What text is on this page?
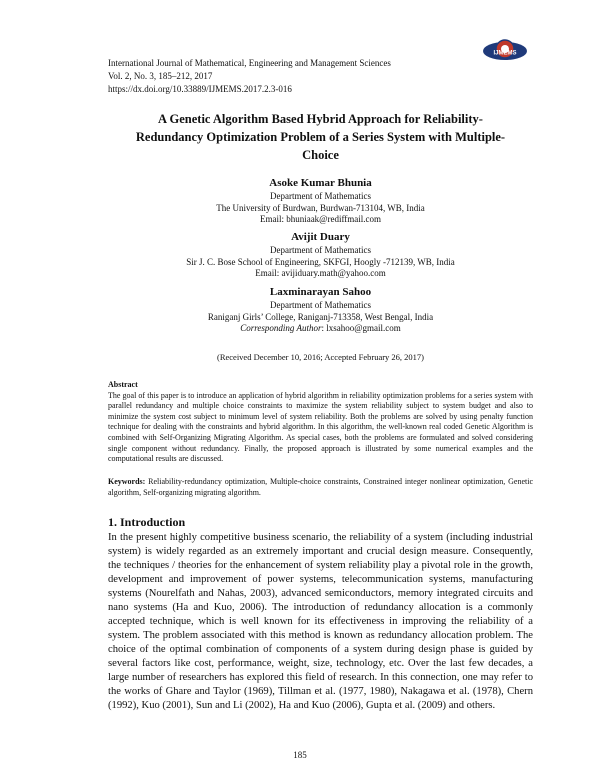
International Journal of Mathematical, Engineering and Management Sciences
Vol. 2, No. 3, 185–212, 2017
https://dx.doi.org/10.33889/IJMEMS.2017.2.3-016
IJMEMS
A Genetic Algorithm Based Hybrid Approach for Reliability-
Redundancy Optimization Problem of a Series System with Multiple-
Choice
Asoke Kumar Bhunia
Department of Mathematics
The University of Burdwan, Burdwan-713104, WB, India
Email: bhuniaak@rediffmail.com
Avijit Duary
Department of Mathematics
Sir J. C. Bose School of Engineering, SKFGI, Hoogly -712139, WB, India
Email: avijiduary.math@yahoo.com
Laxminarayan Sahoo
Department of Mathematics
Raniganj Girls’ College, Raniganj-713358, West Bengal, India
Corresponding Author: lxsahoo@gmail.com
(Received December 10, 2016; Accepted February 26, 2017)
Abstract
The goal of this paper is to introduce an application of hybrid algorithm in reliability optimization problems for a series system with parallel redundancy and multiple choice constraints to maximize the system reliability subject to system budget and also to minimize the system cost subject to minimum level of system reliability. Both the problems are solved by using penalty function technique for dealing with the constraints and hybrid algorithm. In this algorithm, the well-known real coded Genetic Algorithm is combined with Self-Organizing Migrating Algorithm. As special cases, both the problems are formulated and solved considering single component without redundancy. Finally, the proposed approach is illustrated by some numerical examples and the computational results are discussed.
Keywords: Reliability-redundancy optimization, Multiple-choice constraints, Constrained integer nonlinear optimization, Genetic algorithm, Self-organizing migrating algorithm.
1. Introduction
In the present highly competitive business scenario, the reliability of a system (including industrial system) is widely regarded as an extremely important and crucial design measure. Consequently, the techniques / theories for the enhancement of system reliability play a pivotal role in the growth, development and improvement of power systems, telecommunication systems, manufacturing systems (Nourelfath and Nahas, 2003), advanced semiconductors, memory integrated circuits and nano systems (Ha and Kuo, 2006). The introduction of redundancy allocation is a commonly accepted technique, which is well known for its effectiveness in improving the reliability of a system. The problem associated with this method is known as redundancy allocation problem. The choice of the optimal combination of components of a system during design phase is guided by several factors like cost, performance, weight, size, technology, etc. Over the last few decades, a large number of researchers has explored this field of research. In this connection, one may refer to the works of Ghare and Taylor (1969), Tillman et al. (1977, 1980), Nakagawa et al. (1978), Chern (1992), Kuo (2001), Sun and Li (2002), Ha and Kuo (2006), Gupta et al. (2009) and others.
185
